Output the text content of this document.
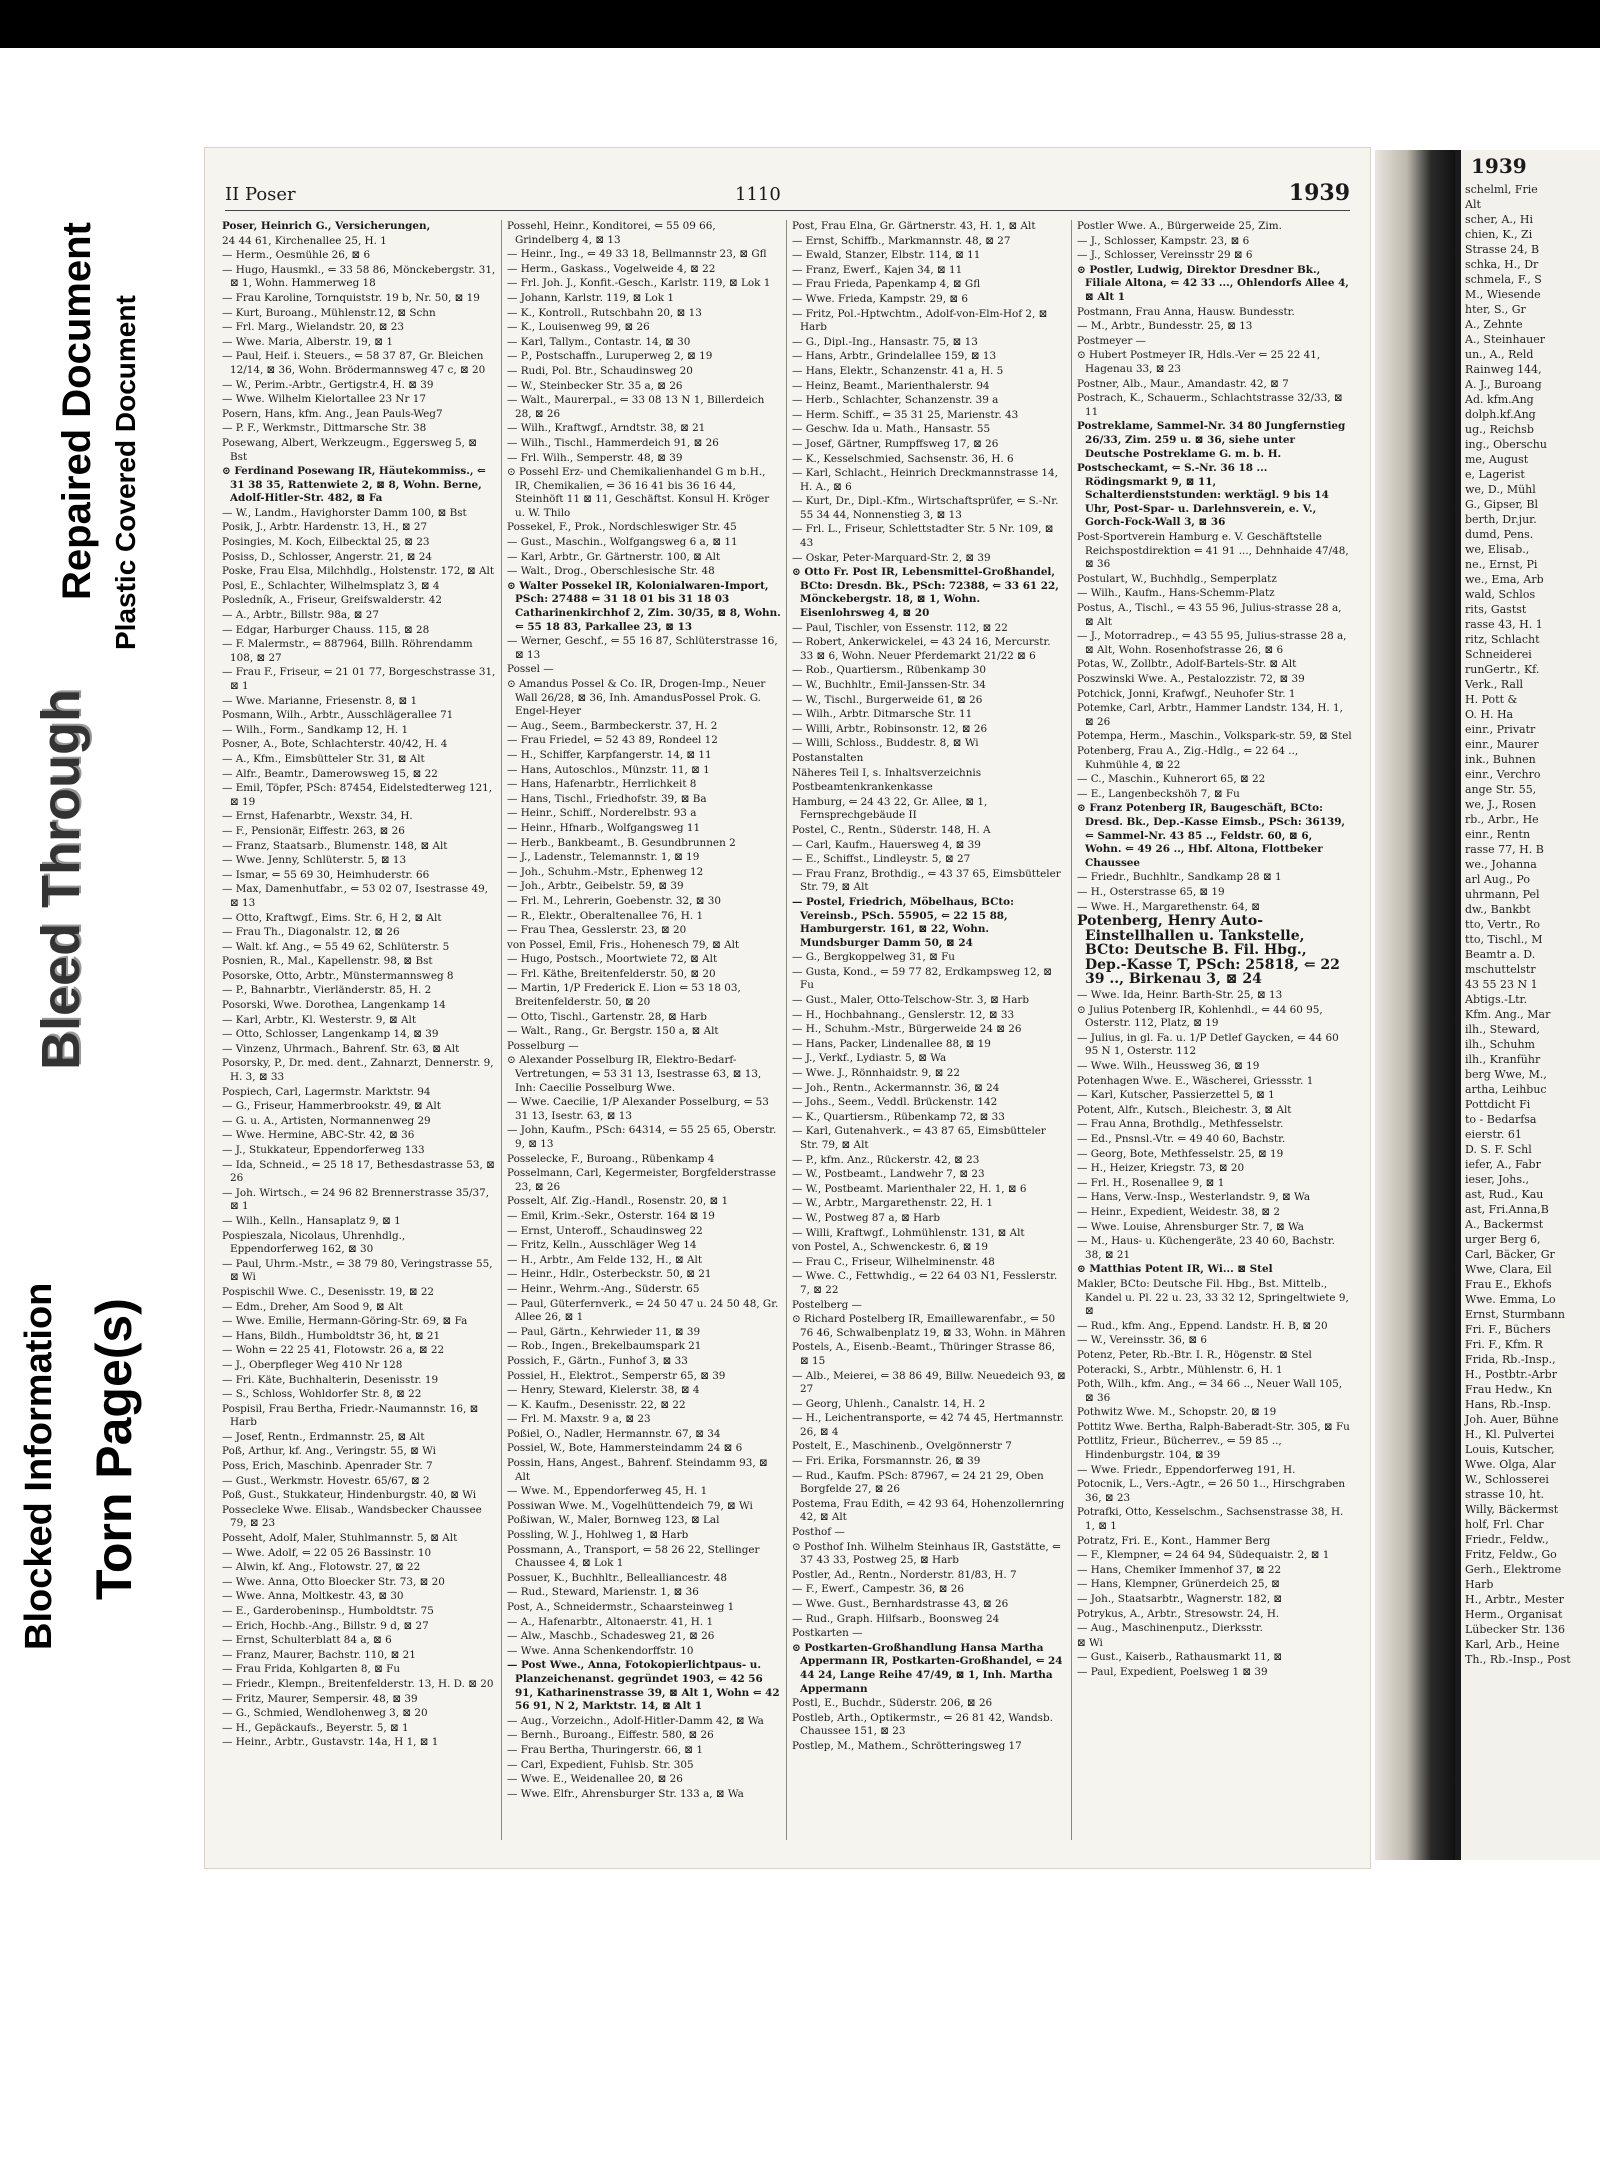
Blocked Information
Bleed Through
Repaired Document Plastic Covered Document
Torn Page(s)
II Poser	1110	1939
Poser, Heinrich G., Versicherungen,
24 44 61, Kirchenallee 25, H. 1
— Herm., Oesmühle 26, ⊠ 6
— Hugo, Hausmkl., ⇐ 33 58 86, Mönckebergstr. 31, ⊠ 1, Wohn. Hammerweg 18
— Frau Karoline, Tornquiststr. 19 b, Nr. 50, ⊠ 19
— Kurt, Buroang., Mühlenstr.12, ⊠ Schn
— Frl. Marg., Wielandstr. 20, ⊠ 23
— Wwe. Maria, Alberstr. 19, ⊠ 1
— Paul, Heif. i. Steuers., ⇐ 58 37 87, Gr. Bleichen 12/14, ⊠ 36, Wohn. Brödermannsweg 47 c, ⊠ 20
— W., Perim.-Arbtr., Gertigstr.4, H. ⊠ 39
— Wwe. Wilhelm Kielortallee 23 Nr 17
Posern, Hans, kfm. Ang., Jean Pauls-Weg7
— P. F., Werkmstr., Dittmarsche Str. 38
Posewang, Albert, Werkzeugm., Eggersweg 5, ⊠ Bst
⊙ Ferdinand Posewang IR, Häutekommiss., ⇐ 31 38 35, Rattenwiete 2, ⊠ 8, Wohn. Berne, Adolf-Hitler-Str. 482, ⊠ Fa
— W., Landm., Havighorster Damm 100, ⊠ Bst
Posik, J., Arbtr. Hardenstr. 13, H., ⊠ 27
Posingies, M. Koch, Eilbecktal 25, ⊠ 23
Posiss, D., Schlosser, Angerstr. 21, ⊠ 24
Poske, Frau Elsa, Milchhdlg., Holstenstr. 172, ⊠ Alt
Posl, E., Schlachter, Wilhelmsplatz 3, ⊠ 4
Posledník, A., Friseur, Greifswalderstr. 42
— A., Arbtr., Billstr. 98a, ⊠ 27
— Edgar, Harburger Chauss. 115, ⊠ 28
— F. Malermstr., ⇐ 887964, Billh. Röhrendamm 108, ⊠ 27
— Frau F., Friseur, ⇐ 21 01 77, Borgeschstrasse 31, ⊠ 1
— Wwe. Marianne, Friesenstr. 8, ⊠ 1
Posmann, Wilh., Arbtr., Ausschlägerallee 71
— Wilh., Form., Sandkamp 12, H. 1
Posner, A., Bote, Schlachterstr. 40/42, H. 4
— A., Kfm., Eimsbütteler Str. 31, ⊠ Alt
— Alfr., Beamtr., Damerowsweg 15, ⊠ 22
— Emil, Töpfer, PSch: 87454, Eidelstedterweg 121, ⊠ 19
— Ernst, Hafenarbtr., Wexstr. 34, H.
— F., Pensionär, Eiffestr. 263, ⊠ 26
— Franz, Staatsarb., Blumenstr. 148, ⊠ Alt
— Wwe. Jenny, Schlüterstr. 5, ⊠ 13
— Ismar, ⇐ 55 69 30, Heimhuderstr. 66
— Max, Damenhutfabr., ⇐ 53 02 07, Isestrasse 49, ⊠ 13
— Otto, Kraftwgf., Eims. Str. 6, H 2, ⊠ Alt
— Frau Th., Diagonalstr. 12, ⊠ 26
— Walt. kf. Ang., ⇐ 55 49 62, Schlüterstr. 5
Posnien, R., Mal., Kapellenstr. 98, ⊠ Bst
Posorske, Otto, Arbtr., Münstermannsweg 8
— P., Bahnarbtr., Vierländerstr. 85, H. 2
Posorski, Wwe. Dorothea, Langenkamp 14
— Karl, Arbtr., Kl. Westerstr. 9, ⊠ Alt
— Otto, Schlosser, Langenkamp 14, ⊠ 39
— Vinzenz, Uhrmach., Bahrenf. Str. 63, ⊠ Alt
Posorsky, P., Dr. med. dent., Zahnarzt, Dennerstr. 9, H. 3, ⊠ 33
Pospiech, Carl, Lagermstr. Marktstr. 94
— G., Friseur, Hammerbrookstr. 49, ⊠ Alt
— G. u. A., Artisten, Normannenweg 29
— Wwe. Hermine, ABC-Str. 42, ⊠ 36
— J., Stukkateur, Eppendorferweg 133
— Ida, Schneid., ⇐ 25 18 17, Bethesdastrasse 53, ⊠ 26
— Joh. Wirtsch., ⇐ 24 96 82 Brennerstrasse 35/37, ⊠ 1
— Wilh., Kelln., Hansaplatz 9, ⊠ 1
Pospieszala, Nicolaus, Uhrenhdlg., Eppendorferweg 162, ⊠ 30
— Paul, Uhrm.-Mstr., ⇐ 38 79 80, Veringstrasse 55, ⊠ Wi
Pospischil Wwe. C., Desenisstr. 19, ⊠ 22
— Edm., Dreher, Am Sood 9, ⊠ Alt
— Wwe. Emilie, Hermann-Göring-Str. 69, ⊠ Fa
— Hans, Bildh., Humboldtstr 36, ht, ⊠ 21
— Wohn ⇐ 22 25 41, Flotowstr. 26 a, ⊠ 22
— J., Oberpfleger Weg 410 Nr 128
— Fri. Käte, Buchhalterin, Desenisstr. 19
— S., Schloss, Wohldorfer Str. 8, ⊠ 22
Pospisil, Frau Bertha, Friedr.-Naumannstr. 16, ⊠ Harb
— Josef, Rentn., Erdmannstr. 25, ⊠ Alt
Poß, Arthur, kf. Ang., Veringstr. 55, ⊠ Wi
Poss, Erich, Maschinb. Apenrader Str. 7
— Gust., Werkmstr. Hovestr. 65/67, ⊠ 2
Poß, Gust., Stukkateur, Hindenburgstr. 40, ⊠ Wi
Possecleke Wwe. Elisab., Wandsbecker Chaussee 79, ⊠ 23
Posseht, Adolf, Maler, Stuhlmannstr. 5, ⊠ Alt
— Wwe. Adolf, ⇐ 22 05 26 Bassinstr. 10
— Alwin, kf. Ang., Flotowstr. 27, ⊠ 22
— Wwe. Anna, Otto Bloecker Str. 73, ⊠ 20
— Wwe. Anna, Moltkestr. 43, ⊠ 30
— E., Garderobeninsp., Humboldtstr. 75
— Erich, Hochb.-Ang., Billstr. 9 d, ⊠ 27
— Ernst, Schulterblatt 84 a, ⊠ 6
— Franz, Maurer, Bachstr. 110, ⊠ 21
— Frau Frida, Kohlgarten 8, ⊠ Fu
— Friedr., Klempn., Breitenfelderstr. 13, H. D. ⊠ 20
— Fritz, Maurer, Sempersir. 48, ⊠ 39
— G., Schmied, Wendlohenweg 3, ⊠ 20
— H., Gepäckaufs., Beyerstr. 5, ⊠ 1
— Heinr., Arbtr., Gustavstr. 14a, H 1, ⊠ 1
Possehl, Heinr., Konditorei, ⇐ 55 09 66, Grindelberg 4, ⊠ 13
— Heinr., Ing., ⇐ 49 33 18, Bellmannstr 23, ⊠ Gfl
— Herm., Gaskass., Vogelweide 4, ⊠ 22
— Frl. Joh. J., Konfit.-Gesch., Karlstr. 119, ⊠ Lok 1
— Johann, Karlstr. 119, ⊠ Lok 1
— K., Kontroll., Rutschbahn 20, ⊠ 13
— K., Louisenweg 99, ⊠ 26
— Karl, Tallym., Contastr. 14, ⊠ 30
— P., Postschaffn., Luruperweg 2, ⊠ 19
— Rudi, Pol. Btr., Schaudinsweg 20
— W., Steinbecker Str. 35 a, ⊠ 26
— Walt., Maurerpal., ⇐ 33 08 13 N 1, Billerdeich 28, ⊠ 26
— Wilh., Kraftwgf., Arndtstr. 38, ⊠ 21
— Wilh., Tischl., Hammerdeich 91, ⊠ 26
— Frl. Wilh., Semperstr. 48, ⊠ 39
⊙ Possehl Erz- und Chemikalienhandel G m b.H., IR, Chemikalien, ⇐ 36 16 41 bis 36 16 44, Steinhöft 11 ⊠ 11, Geschäftst. Konsul H. Kröger u. W. Thilo
Possekel, F., Prok., Nordschleswiger Str. 45
— Gust., Maschin., Wolfgangsweg 6 a, ⊠ 11
— Karl, Arbtr., Gr. Gärtnerstr. 100, ⊠ Alt
— Walt., Drog., Oberschlesische Str. 48
⊙ Walter Possekel IR, Kolonialwaren-Import, PSch: 27488 ⇐ 31 18 01 bis 31 18 03 Catharinenkirchhof 2, Zim. 30/35, ⊠ 8, Wohn. ⇐ 55 18 83, Parkallee 23, ⊠ 13
— Werner, Geschf., ⇐ 55 16 87, Schlüterstrasse 16, ⊠ 13
Possel —
⊙ Amandus Possel & Co. IR, Drogen-Imp., Neuer Wall 26/28, ⊠ 36, Inh. AmandusPossel Prok. G. Engel-Heyer
— Aug., Seem., Barmbeckerstr. 37, H. 2
— Frau Friedel, ⇐ 52 43 89, Rondeel 12
— H., Schiffer, Karpfangerstr. 14, ⊠ 11
— Hans, Autoschlos., Münzstr. 11, ⊠ 1
— Hans, Hafenarbtr., Herrlichkeit 8
— Hans, Tischl., Friedhofstr. 39, ⊠ Ba
— Heinr., Schiff., Norderelbstr. 93 a
— Heinr., Hfnarb., Wolfgangsweg 11
— Herb., Bankbeamt., B. Gesundbrunnen 2
— J., Ladenstr., Telemannstr. 1, ⊠ 19
— Joh., Schuhm.-Mstr., Ephenweg 12
— Joh., Arbtr., Geibelstr. 59, ⊠ 39
— Frl. M., Lehrerin, Goebenstr. 32, ⊠ 30
— R., Elektr., Oberaltenallee 76, H. 1
— Frau Thea, Gesslerstr. 23, ⊠ 20
von Possel, Emil, Fris., Hohenesch 79, ⊠ Alt
— Hugo, Postsch., Moortwiete 72, ⊠ Alt
— Frl. Käthe, Breitenfelderstr. 50, ⊠ 20
— Martin, 1/P Frederick E. Lion ⇐ 53 18 03, Breitenfelderstr. 50, ⊠ 20
— Otto, Tischl., Gartenstr. 28, ⊠ Harb
— Walt., Rang., Gr. Bergstr. 150 a, ⊠ Alt
Posselburg —
⊙ Alexander Posselburg IR, Elektro-Bedarf-Vertretungen, ⇐ 53 31 13, Isestrasse 63, ⊠ 13, Inh: Caecilie Posselburg Wwe.
— Wwe. Caecilie, 1/P Alexander Posselburg, ⇐ 53 31 13, Isestr. 63, ⊠ 13
— John, Kaufm., PSch: 64314, ⇐ 55 25 65, Oberstr. 9, ⊠ 13
Posselecke, F., Buroang., Rübenkamp 4
Posselmann, Carl, Kegermeister, Borgfelderstrasse 23, ⊠ 26
Posselt, Alf. Zig.-Handl., Rosenstr. 20, ⊠ 1
— Emil, Krim.-Sekr., Osterstr. 164 ⊠ 19
— Ernst, Unteroff., Schaudinsweg 22
— Fritz, Kelln., Ausschläger Weg 14
— H., Arbtr., Am Felde 132, H., ⊠ Alt
— Heinr., Hdlr., Osterbeckstr. 50, ⊠ 21
— Heinr., Wehrm.-Ang., Süderstr. 65
— Paul, Güterfernverk., ⇐ 24 50 47 u. 24 50 48, Gr. Allee 26, ⊠ 1
— Paul, Gärtn., Kehrwieder 11, ⊠ 39
— Rob., Ingen., Brekelbaumspark 21
Possich, F., Gärtn., Funhof 3, ⊠ 33
Possiel, H., Elektrot., Semperstr 65, ⊠ 39
— Henry, Steward, Kielerstr. 38, ⊠ 4
— K. Kaufm., Desenisstr. 22, ⊠ 22
— Frl. M. Maxstr. 9 a, ⊠ 23
Poßiel, O., Nadler, Hermannstr. 67, ⊠ 34
Possiel, W., Bote, Hammersteindamm 24 ⊠ 6
Possin, Hans, Angest., Bahrenf. Steindamm 93, ⊠ Alt
— Wwe. M., Eppendorferweg 45, H. 1
Possiwan Wwe. M., Vogelhüttendeich 79, ⊠ Wi
Poßiwan, W., Maler, Bornweg 123, ⊠ Lal
Possling, W. J., Hohlweg 1, ⊠ Harb
Possmann, A., Transport, ⇐ 58 26 22, Stellinger Chaussee 4, ⊠ Lok 1
Possuer, K., Buchhltr., Bellealliancestr. 48
— Rud., Steward, Marienstr. 1, ⊠ 36
Post, A., Schneidermstr., Schaarsteinweg 1
— A., Hafenarbtr., Altonaerstr. 41, H. 1
— Alw., Maschb., Schadesweg 21, ⊠ 26
— Wwe. Anna Schenkendorffstr. 10
— Post Wwe., Anna, Fotokopierlichtpaus- u. Planzeichenanst. gegründet 1903, ⇐ 42 56 91, Katharinenstrasse 39, ⊠ Alt 1, Wohn ⇐ 42 56 91, N 2, Marktstr. 14, ⊠ Alt 1
— Aug., Vorzeichn., Adolf-Hitler-Damm 42, ⊠ Wa
— Bernh., Buroang., Eiffestr. 580, ⊠ 26
— Frau Bertha, Thuringerstr. 66, ⊠ 1
— Carl, Expedient, Fuhlsb. Str. 305
— Wwe. E., Weidenallee 20, ⊠ 26
— Wwe. Elfr., Ahrensburger Str. 133 a, ⊠ Wa
Post, Frau Elna, Gr. Gärtnerstr. 43, H. 1, ⊠ Alt
— Ernst, Schiffb., Markmannstr. 48, ⊠ 27
— Ewald, Stanzer, Elbstr. 114, ⊠ 11
— Franz, Ewerf., Kajen 34, ⊠ 11
— Frau Frieda, Papenkamp 4, ⊠ Gfl
— Wwe. Frieda, Kampstr. 29, ⊠ 6
— Fritz, Pol.-Hptwchtm., Adolf-von-Elm-Hof 2, ⊠ Harb
— G., Dipl.-Ing., Hansastr. 75, ⊠ 13
— Hans, Arbtr., Grindelallee 159, ⊠ 13
— Hans, Elektr., Schanzenstr. 41 a, H. 5
— Heinz, Beamt., Marienthalerstr. 94
— Herb., Schlachter, Schanzenstr. 39 a
— Herm. Schiff., ⇐ 35 31 25, Marienstr. 43
— Geschw. Ida u. Math., Hansastr. 55
— Josef, Gärtner, Rumpffsweg 17, ⊠ 26
— K., Kesselschmied, Sachsenstr. 36, H. 6
— Karl, Schlacht., Heinrich Dreckmannstrasse 14, H. A., ⊠ 6
— Kurt, Dr., Dipl.-Kfm., Wirtschaftsprüfer, ⇐ S.-Nr. 55 34 44, Nonnenstieg 3, ⊠ 13
— Frl. L., Friseur, Schlettstadter Str. 5 Nr. 109, ⊠ 43
— Oskar, Peter-Marquard-Str. 2, ⊠ 39
⊙ Otto Fr. Post IR, Lebensmittel-Großhandel, BCto: Dresdn. Bk., PSch: 72388, ⇐ 33 61 22, Mönckebergstr. 18, ⊠ 1, Wohn. Eisenlohrsweg 4, ⊠ 20
— Paul, Tischler, von Essenstr. 112, ⊠ 22
— Robert, Ankerwickelei, ⇐ 43 24 16, Mercurstr. 33 ⊠ 6, Wohn. Neuer Pferdemarkt 21/22 ⊠ 6
— Rob., Quartiersm., Rübenkamp 30
— W., Buchhltr., Emil-Janssen-Str. 34
— W., Tischl., Burgerweide 61, ⊠ 26
— Wilh., Arbtr. Ditmarsche Str. 11
— Willi, Arbtr., Robinsonstr. 12, ⊠ 26
— Willi, Schloss., Buddestr. 8, ⊠ Wi
Postanstalten
Näheres Teil I, s. Inhaltsverzeichnis
Postbeamtenkrankenkasse
Hamburg, ⇐ 24 43 22, Gr. Allee, ⊠ 1, Fernsprechgebäude II
Postel, C., Rentn., Süderstr. 148, H. A
— Carl, Kaufm., Hauersweg 4, ⊠ 39
— E., Schiffst., Lindleystr. 5, ⊠ 27
— Frau Franz, Brothdig., ⇐ 43 37 65, Eimsbütteler Str. 79, ⊠ Alt
— Postel, Friedrich, Möbelhaus, BCto: Vereinsb., PSch. 55905, ⇐ 22 15 88, Hamburgerstr. 161, ⊠ 22, Wohn. Mundsburger Damm 50, ⊠ 24
— G., Bergkoppelweg 31, ⊠ Fu
— Gusta, Kond., ⇐ 59 77 82, Erdkampsweg 12, ⊠ Fu
— Gust., Maler, Otto-Telschow-Str. 3, ⊠ Harb
— H., Hochbahnang., Genslerstr. 12, ⊠ 33
— H., Schuhm.-Mstr., Bürgerweide 24 ⊠ 26
— Hans, Packer, Lindenallee 88, ⊠ 19
— J., Verkf., Lydiastr. 5, ⊠ Wa
— Wwe. J., Rönnhaidstr. 9, ⊠ 22
— Joh., Rentn., Ackermannstr. 36, ⊠ 24
— Johs., Seem., Veddl. Brückenstr. 142
— K., Quartiersm., Rübenkamp 72, ⊠ 33
— Karl, Gutenahverk., ⇐ 43 87 65, Eimsbütteler Str. 79, ⊠ Alt
— P., kfm. Anz., Rückerstr. 42, ⊠ 23
— W., Postbeamt., Landwehr 7, ⊠ 23
— W., Postbeamt. Marienthaler 22, H. 1, ⊠ 6
— W., Arbtr., Margarethenstr. 22, H. 1
— W., Postweg 87 a, ⊠ Harb
— Willi, Kraftwgf., Lohmühlenstr. 131, ⊠ Alt
von Postel, A., Schwenckestr. 6, ⊠ 19
— Frau C., Friseur, Wilhelminenstr. 48
— Wwe. C., Fettwhdig., ⇐ 22 64 03 N1, Fesslerstr. 7, ⊠ 22
Postelberg —
⊙ Richard Postelberg IR, Emaillewarenfabr., ⇐ 50 76 46, Schwalbenplatz 19, ⊠ 33, Wohn. in Mähren
Postels, A., Eisenb.-Beamt., Thüringer Strasse 86, ⊠ 15
— Alb., Meierei, ⇐ 38 86 49, Billw. Neuedeich 93, ⊠ 27
— Georg, Uhlenh., Canalstr. 14, H. 2
— H., Leichentransporte, ⇐ 42 74 45, Hertmannstr. 26, ⊠ 4
Postelt, E., Maschinenb., Ovelgönnerstr 7
— Fri. Erika, Forsmannstr. 26, ⊠ 39
— Rud., Kaufm. PSch: 87967, ⇐ 24 21 29, Oben Borgfelde 27, ⊠ 26
Postema, Frau Edith, ⇐ 42 93 64, Hohenzollernring 42, ⊠ Alt
Posthof —
⊙ Posthof Inh. Wilhelm Steinhaus IR, Gaststätte, ⇐ 37 43 33, Postweg 25, ⊠ Harb
Postler, Ad., Rentn., Norderstr. 81/83, H. 7
— F., Ewerf., Campestr. 36, ⊠ 26
— Wwe. Gust., Bernhardstrasse 43, ⊠ 26
— Rud., Graph. Hilfsarb., Boonsweg 24
Postkarten —
⊙ Postkarten-Großhandlung Hansa Martha Appermann IR, Postkarten-Großhandel, ⇐ 24 44 24, Lange Reihe 47/49, ⊠ 1, Inh. Martha Appermann
Postl, E., Buchdr., Süderstr. 206, ⊠ 26
Postleb, Arth., Optikermstr., ⇐ 26 81 42, Wandsb. Chaussee 151, ⊠ 23
Postlep, M., Mathem., Schrötteringsweg 17
Postler Wwe. A., Bürgerweide 25, Zim.
— J., Schlosser, Kampstr. 23, ⊠ 6
— J., Schlosser, Vereinsstr 29 ⊠ 6
⊙ Postler, Ludwig, Direktor Dresdner Bk., Filiale Altona, ⇐ 42 33 ..., Ohlendorfs Allee 4, ⊠ Alt 1
Postmann, Frau Anna, Hausw. Bundesstr.
— M., Arbtr., Bundesstr. 25, ⊠ 13
Postmeyer —
⊙ Hubert Postmeyer IR, Hdls.-Ver ⇐ 25 22 41, Hagenau 33, ⊠ 23
Postner, Alb., Maur., Amandastr. 42, ⊠ 7
Postrach, K., Schauerm., Schlachtstrasse 32/33, ⊠ 11
Postreklame, Sammel-Nr. 34 80 Jungfernstieg 26/33, Zim. 259 u. ⊠ 36, siehe unter Deutsche Postreklame G. m. b. H.
Postscheckamt, ⇐ S.-Nr. 36 18 ... Rödingsmarkt 9, ⊠ 11, Schalterdienststunden: werktägl. 9 bis 14 Uhr, Post-Spar- u. Darlehnsverein, e. V., Gorch-Fock-Wall 3, ⊠ 36
Post-Sportverein Hamburg e. V. Geschäftstelle Reichspostdirektion ⇐ 41 91 ..., Dehnhaide 47/48, ⊠ 36
Postulart, W., Buchhdlg., Semperplatz
— Wilh., Kaufm., Hans-Schemm-Platz
Postus, A., Tischl., ⇐ 43 55 96, Julius-strasse 28 a, ⊠ Alt
— J., Motorradrep., ⇐ 43 55 95, Julius-strasse 28 a, ⊠ Alt, Wohn. Rosenhofstrasse 26, ⊠ 6
Potas, W., Zollbtr., Adolf-Bartels-Str. ⊠ Alt
Poszwinski Wwe. A., Pestalozzistr. 72, ⊠ 39
Potchick, Jonni, Krafwgf., Neuhofer Str. 1
Potemke, Carl, Arbtr., Hammer Landstr. 134, H. 1, ⊠ 26
Potempa, Herm., Maschin., Volkspark-str. 59, ⊠ Stel
Potenberg, Frau A., Zig.-Hdlg., ⇐ 22 64 .., Kuhmühle 4, ⊠ 22
— C., Maschin., Kuhnerort 65, ⊠ 22
— E., Langenbeckshöh 7, ⊠ Fu
⊙ Franz Potenberg IR, Baugeschäft, BCto: Dresd. Bk., Dep.-Kasse Eimsb., PSch: 36139, ⇐ Sammel-Nr. 43 85 .., Feldstr. 60, ⊠ 6, Wohn. ⇐ 49 26 .., Hbf. Altona, Flottbeker Chaussee
— Friedr., Buchhltr., Sandkamp 28 ⊠ 1
— H., Osterstrasse 65, ⊠ 19
— Wwe. H., Margarethenstr. 64, ⊠
Potenberg, Henry Auto-Einstellhallen u. Tankstelle, BCto: Deutsche B. Fil. Hbg., Dep.-Kasse T, PSch: 25818, ⇐ 22 39 .., Birkenau 3, ⊠ 24
— Wwe. Ida, Heinr. Barth-Str. 25, ⊠ 13
⊙ Julius Potenberg IR, Kohlenhdl., ⇐ 44 60 95, Osterstr. 112, Platz, ⊠ 19
— Julius, in gl. Fa. u. 1/P Detlef Gaycken, ⇐ 44 60 95 N 1, Osterstr. 112
— Wwe. Wilh., Heussweg 36, ⊠ 19
Potenhagen Wwe. E., Wäscherei, Griessstr. 1
— Karl, Kutscher, Passierzettel 5, ⊠ 1
Potent, Alfr., Kutsch., Bleichestr. 3, ⊠ Alt
— Frau Anna, Brothdlg., Methfesselstr.
— Ed., Pnsnsl.-Vtr. ⇐ 49 40 60, Bachstr.
— Georg, Bote, Methfesselstr. 25, ⊠ 19
— H., Heizer, Kriegstr. 73, ⊠ 20
— Frl. H., Rosenallee 9, ⊠ 1
— Hans, Verw.-Insp., Westerlandstr. 9, ⊠ Wa
— Heinr., Expedient, Weidestr. 38, ⊠ 2
— Wwe. Louise, Ahrensburger Str. 7, ⊠ Wa
— M., Haus- u. Küchengeräte, 23 40 60, Bachstr. 38, ⊠ 21
⊙ Matthias Potent IR, Wi... ⊠ Stel
Makler, BCto: Deutsche Fil. Hbg., Bst. Mittelb., Kandel u. Pl. 22 u. 23, 33 32 12, Springeltwiete 9, ⊠
— Rud., kfm. Ang., Eppend. Landstr. H. B, ⊠ 20
— W., Vereinsstr. 36, ⊠ 6
Potenz, Peter, Rb.-Btr. I. R., Högenstr. ⊠ Stel
Poteracki, S., Arbtr., Mühlenstr. 6, H. 1
Poth, Wilh., kfm. Ang., ⇐ 34 66 .., Neuer Wall 105, ⊠ 36
Pothwitz Wwe. M., Schopstr. 20, ⊠ 19
Pottitz Wwe. Bertha, Ralph-Baberadt-Str. 305, ⊠ Fu
Pottlitz, Frieur., Bücherrev., ⇐ 59 85 .., Hindenburgstr. 104, ⊠ 39
— Wwe. Friedr., Eppendorferweg 191, H.
Potocnik, L., Vers.-Agtr., ⇐ 26 50 1.., Hirschgraben 36, ⊠ 23
Potrafki, Otto, Kesselschm., Sachsenstrasse 38, H. 1, ⊠ 1
Potratz, Fri. E., Kont., Hammer Berg
— F., Klempner, ⇐ 24 64 94, Südequaistr. 2, ⊠ 1
— Hans, Chemiker Immenhof 37, ⊠ 22
— Hans, Klempner, Grünerdeich 25, ⊠
— Joh., Staatsarbtr., Wagnerstr. 182, ⊠
Potrykus, A., Arbtr., Stresowstr. 24, H.
— Aug., Maschinenputz., Dierksstr.
⊠ Wi
— Gust., Kaiserb., Rathausmarkt 11, ⊠
— Paul, Expedient, Poelsweg 1 ⊠ 39
1939
schelml, Frie
Alt
scher, A., Hi
chien, K., Zi
Strasse 24, B
schka, H., Dr
schmela, F., S
M., Wiesende
hter, S., Gr
A., Zehnte
A., Steinhauer
un., A., Reld
Rainweg 144,
A. J., Buroang
Ad. kfm.Ang
dolph.kf.Ang
ug., Reichsb
ing., Oberschu
me, August
e, Lagerist
we, D., Mühl
G., Gipser, Bl
berth, Dr.jur.
dumd, Pens.
we, Elisab.,
ne., Ernst, Pi
we., Ema, Arb
wald, Schlos
rits, Gastst
rasse 43, H. 1
ritz, Schlacht
Schneiderei
runGertr., Kf.
Verk., Rall
H. Pott &
O. H. Ha
einr., Privatr
einr., Maurer
ink., Buhnen
einr., Verchro
ange Str. 55,
we, J., Rosen
rb., Arbr., He
einr., Rentn
rasse 77, H. B
we., Johanna
arl Aug., Po
uhrmann, Pel
dw., Bankbt
tto, Vertr., Ro
tto, Tischl., M
Beamtr a. D.
mschuttelstr
43 55 23 N 1
Abtigs.-Ltr.
Kfm. Ang., Mar
ilh., Steward,
ilh., Schuhm
ilh., Kranführ
berg Wwe, M.,
artha, Leihbuc
Pottdicht Fi
to - Bedarfsa
eierstr. 61
D. S. F. Schl
iefer, A., Fabr
ieser, Johs.,
ast, Rud., Kau
ast, Fri.Anna,B
A., Backermst
urger Berg 6,
Carl, Bäcker, Gr
Wwe, Clara, Eil
Frau E., Ekhofs
Wwe. Emma, Lo
Ernst, Sturmbann
Fri. F., Büchers
Fri. F., Kfm. R
Frida, Rb.-Insp.,
H., Postbtr.-Arbr
Frau Hedw., Kn
Hans, Rb.-Insp.
Joh. Auer, Bühne
H., Kl. Pulvertei
Louis, Kutscher,
Wwe. Olga, Alar
W., Schlosserei
strasse 10, ht.
Willy, Bäckermst
holf, Frl. Char
Friedr., Feldw.,
Fritz, Feldw., Go
Gerh., Elektrome
Harb
H., Arbtr., Mester
Herm., Organisat
Lübecker Str. 136
Karl, Arb., Heine
Th., Rb.-Insp., Post
